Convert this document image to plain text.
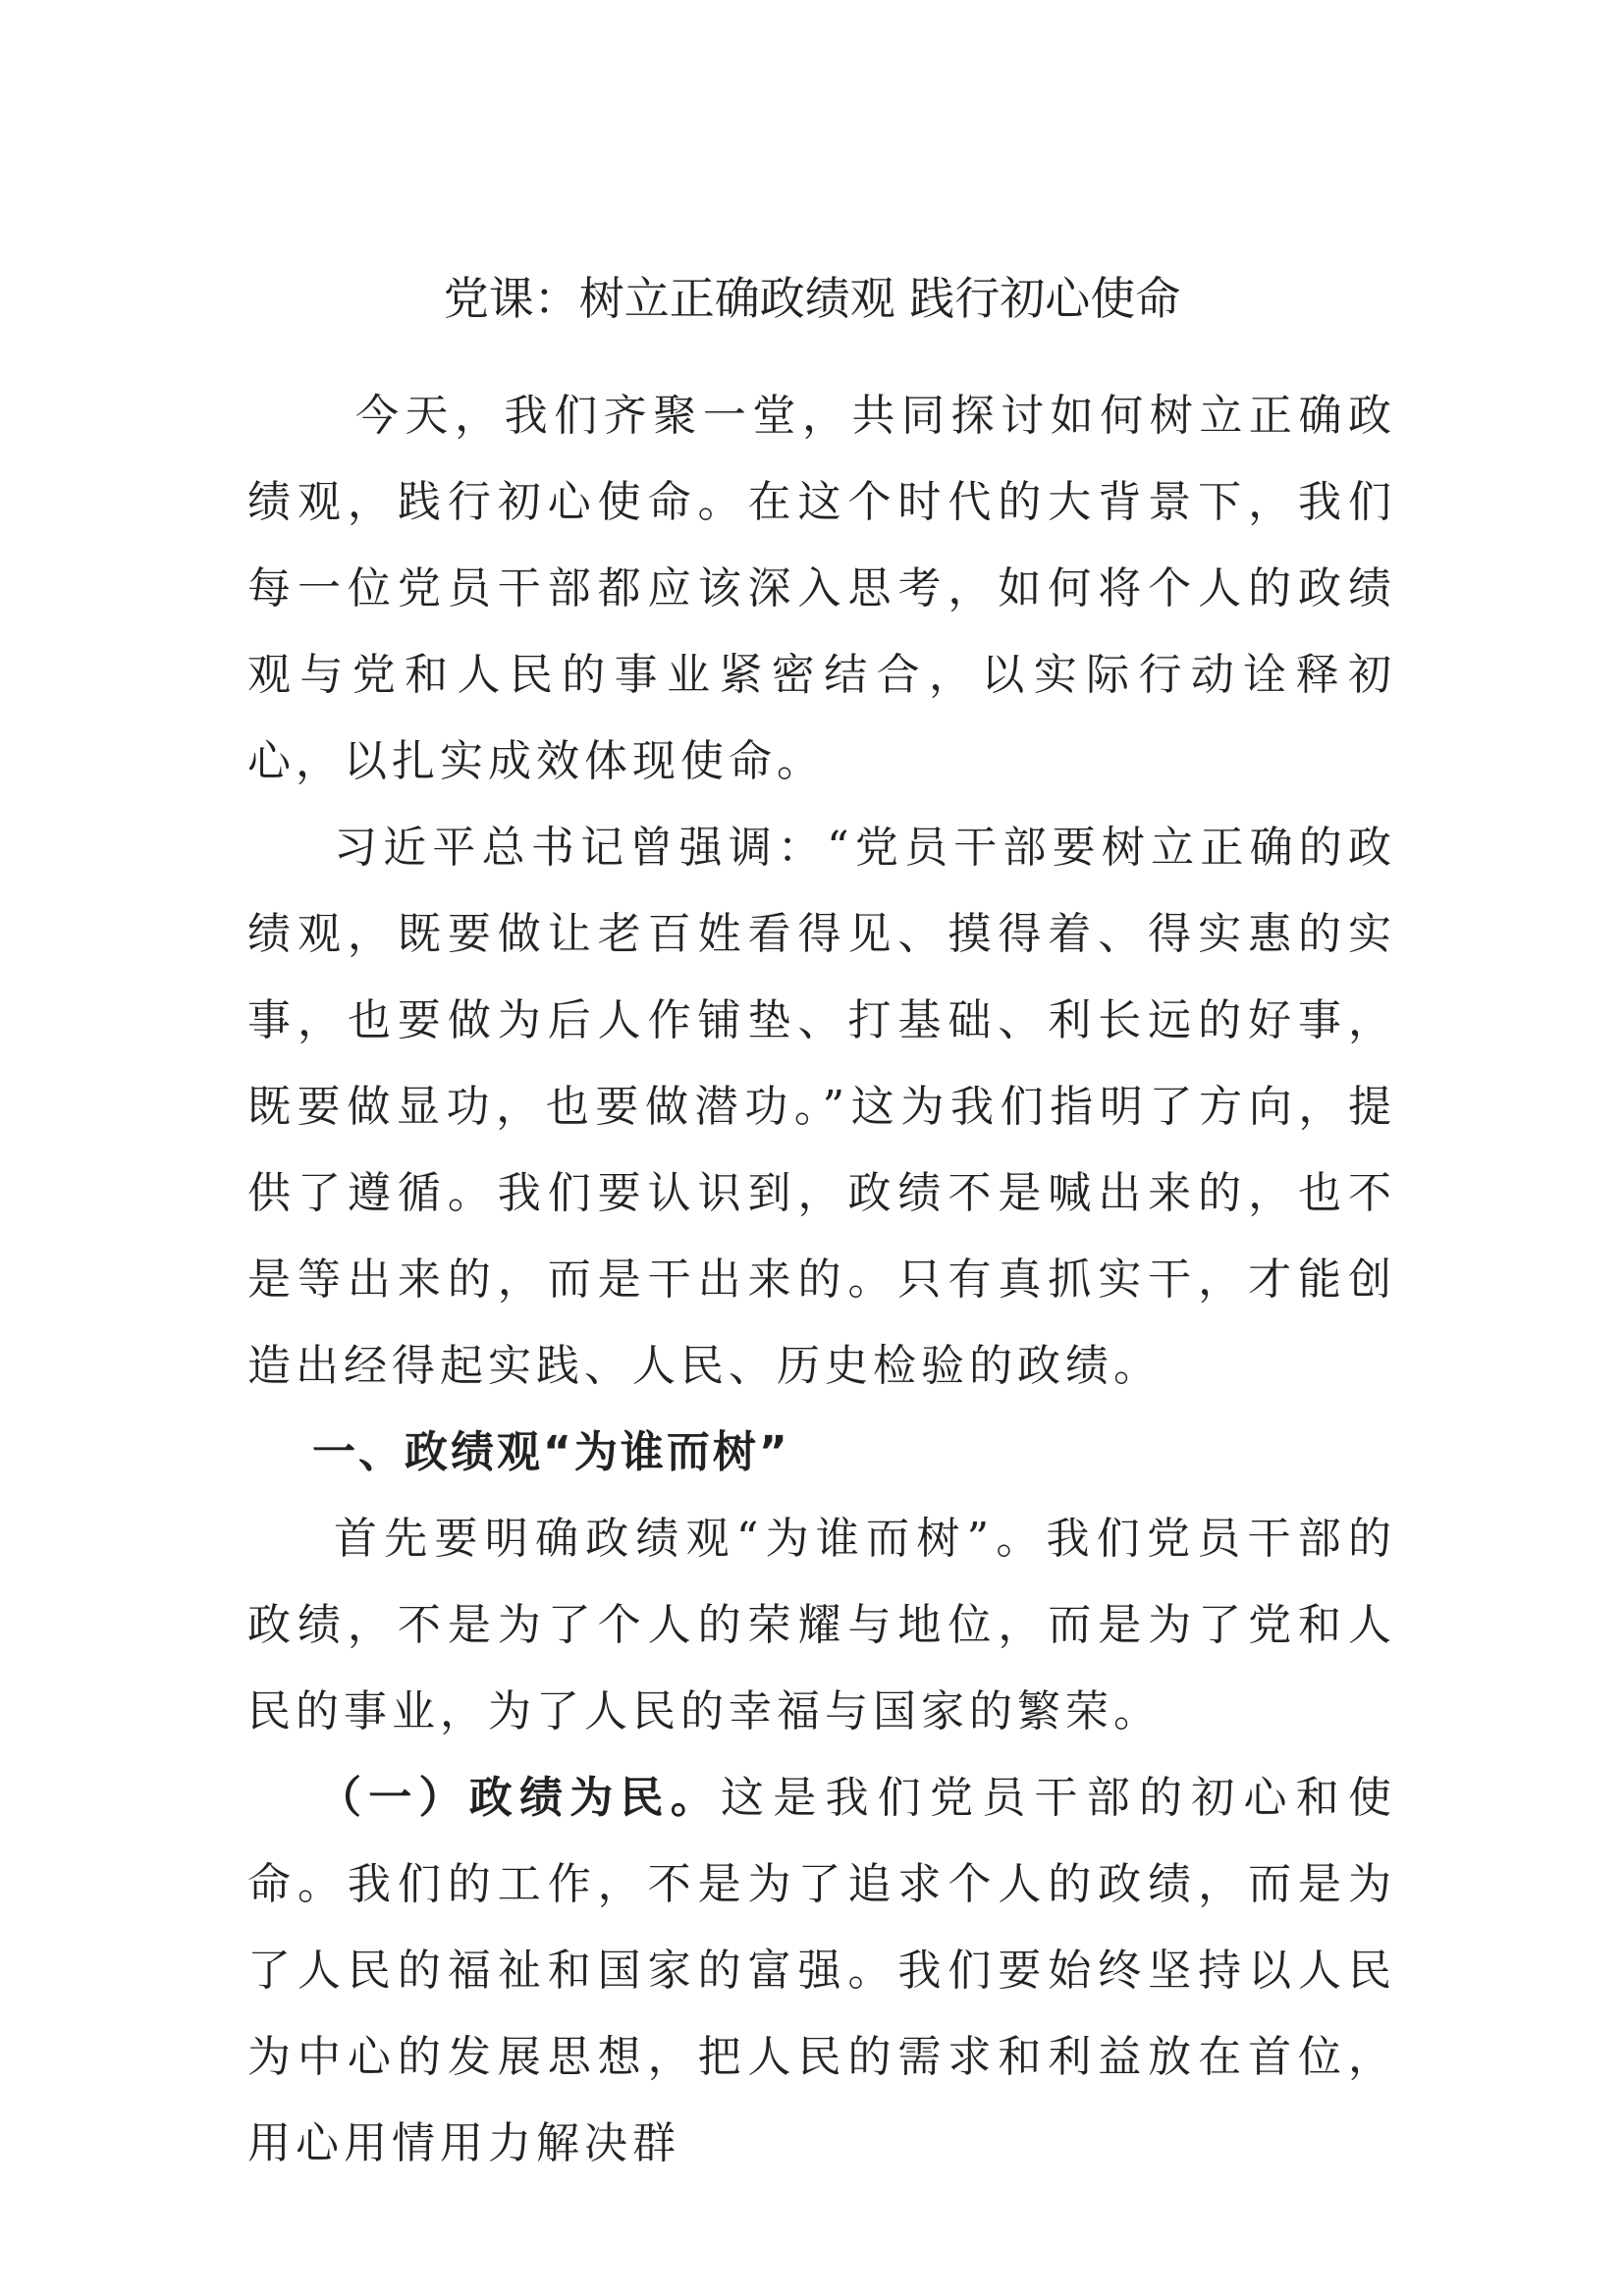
党课：树立正确政绩观 践行初心使命

今天，我们齐聚一堂，共同探讨如何树立正确政绩观，践行初心使命。在这个时代的大背景下，我们每一位党员干部都应该深入思考，如何将个人的政绩观与党和人民的事业紧密结合，以实际行动诠释初心，以扎实成效体现使命。

习近平总书记曾强调：“党员干部要树立正确的政绩观，既要做让老百姓看得见、摸得着、得实惠的实事，也要做为后人作铺垫、打基础、利长远的好事，既要做显功，也要做潜功。”这为我们指明了方向，提供了遵循。我们要认识到，政绩不是喊出来的，也不是等出来的，而是干出来的。只有真抓实干，才能创造出经得起实践、人民、历史检验的政绩。

一、政绩观“为谁而树”

首先要明确政绩观“为谁而树”。我们党员干部的政绩，不是为了个人的荣耀与地位，而是为了党和人民的事业，为了人民的幸福与国家的繁荣。

（一）政绩为民。这是我们党员干部的初心和使命。我们的工作，不是为了追求个人的政绩，而是为了人民的福祉和国家的富强。我们要始终坚持以人民为中心的发展思想，把人民的需求和利益放在首位，用心用情用力解决群
